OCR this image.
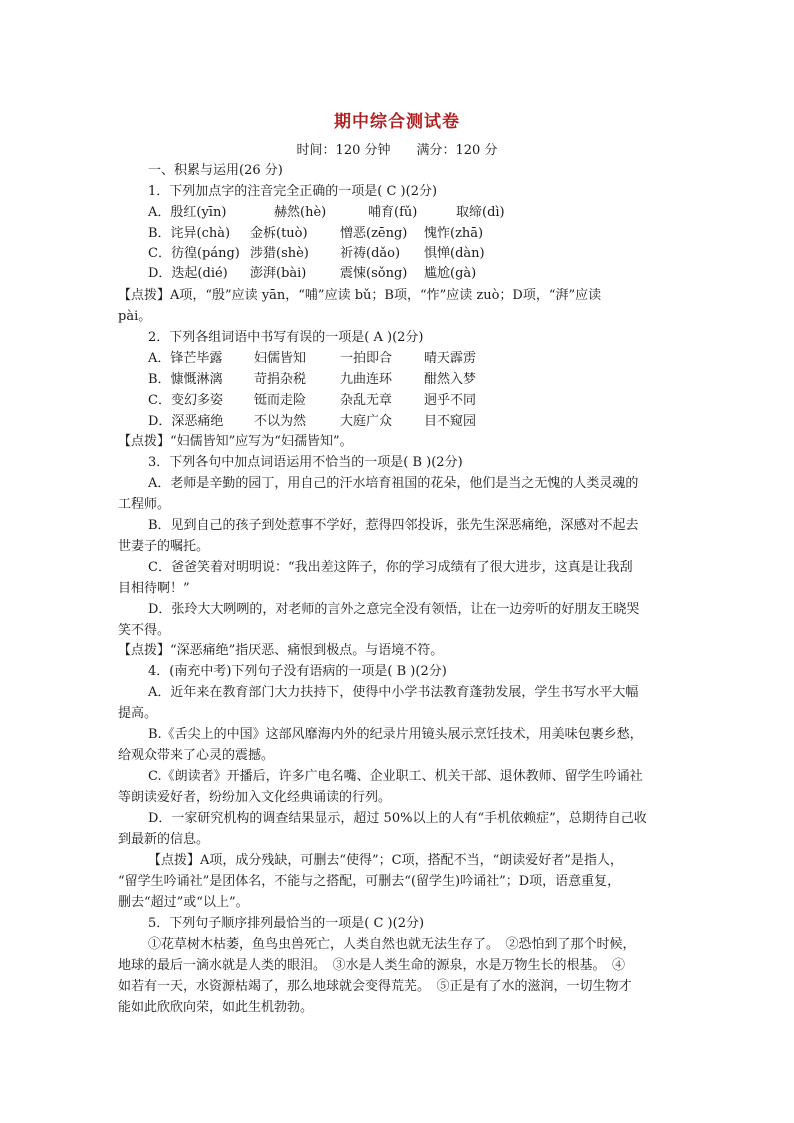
期中综合测试卷
时间：120 分钟 满分：120 分
一、积累与运用(26 分)
1．下列加点字的注音完全正确的一项是( C )(2分)
A．殷红(yīn)	赫然(hè)	哺育(fǔ)	取缔(dì)
B．诧异(chà) 金柝(tuò) 憎恶(zēng) 愧怍(zhā)
C．彷徨(páng) 涉猎(shè) 祈祷(dǎo) 惧惮(dàn)
D．迭起(dié) 澎湃(bài)	震悚(sǒng) 尴尬(gà)
【点拨】A项，“殷”应读 yān，“哺”应读 bǔ；B项，“怍”应读 zuò；D项，“湃”应读
pài。
2．下列各组词语中书写有误的一项是( A )(2分)
A．锋芒毕露 妇儒皆知	一拍即合 晴天霹雳
B．慷慨淋漓 苛捐杂税	九曲连环 酣然入梦
C．变幻多姿 铤而走险	杂乱无章 迥乎不同
D．深恶痛绝 不以为然	大庭广众 目不窥园
【点拨】“妇儒皆知”应写为“妇孺皆知”。
3．下列各句中加点词语运用不恰当的一项是( B )(2分)
A．老师是辛勤的园丁，用自己的汗水培育祖国的花朵，他们是当之无愧的人类灵魂的
工程师。
B．见到自己的孩子到处惹事不学好，惹得四邻投诉，张先生深恶痛绝，深感对不起去
世妻子的嘱托。
C．爸爸笑着对明明说：“我出差这阵子，你的学习成绩有了很大进步，这真是让我刮
目相待啊！”
D．张玲大大咧咧的，对老师的言外之意完全没有领悟，让在一边旁听的好朋友王晓哭
笑不得。
【点拨】“深恶痛绝”指厌恶、痛恨到极点。与语境不符。
4．(南充中考)下列句子没有语病的一项是( B )(2分)
A．近年来在教育部门大力扶持下，使得中小学书法教育蓬勃发展，学生书写水平大幅
提高。
B.《舌尖上的中国》这部风靡海内外的纪录片用镜头展示烹饪技术，用美味包裹乡愁，
给观众带来了心灵的震撼。
C.《朗读者》开播后，许多广电名嘴、企业职工、机关干部、退休教师、留学生吟诵社
等朗读爱好者，纷纷加入文化经典诵读的行列。
D．一家研究机构的调查结果显示，超过 50%以上的人有“手机依赖症”，总期待自己收
到最新的信息。
【点拨】A项，成分残缺，可删去“使得”；C项，搭配不当，“朗读爱好者”是指人，
“留学生吟诵社”是团体名，不能与之搭配，可删去“(留学生)吟诵社”；D项，语意重复，
删去“超过”或“以上”。
5．下列句子顺序排列最恰当的一项是( C )(2分)
①花草树木枯萎，鱼鸟虫兽死亡，人类自然也就无法生存了。　②恐怕到了那个时候，
地球的最后一滴水就是人类的眼泪。　③水是人类生命的源泉，水是万物生长的根基。　④
如若有一天，水资源枯竭了，那么地球就会变得荒芜。　⑤正是有了水的滋润，一切生物才
能如此欣欣向荣，如此生机勃勃。
